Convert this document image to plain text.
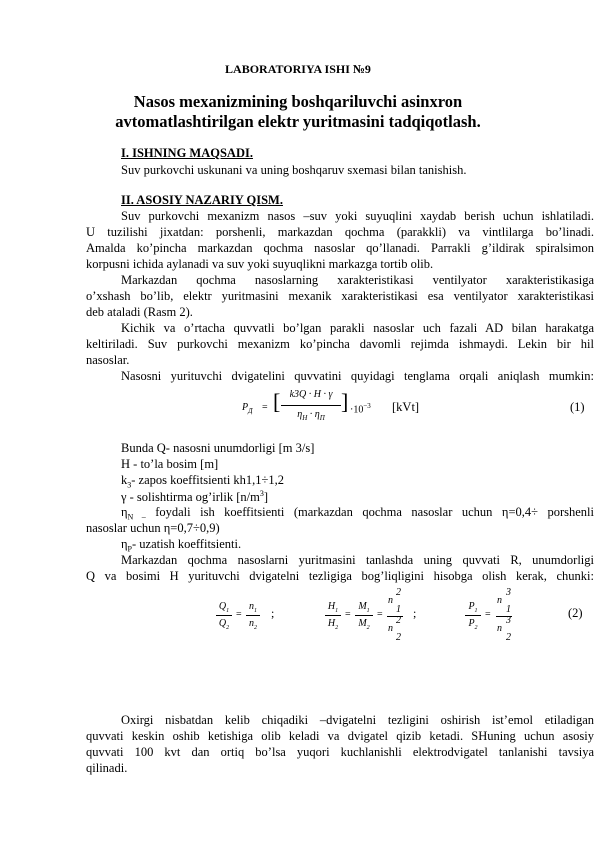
LABORATORIYA ISHI №9
Nasos mexanizmining boshqariluvchi asinxron
avtomatlashtirilgan elektr yuritmasini tadqiqotlash.
I. ISHNING MAQSADI.
Suv purkovchi uskunani va uning boshqaruv sxemasi bilan tanishish.
II. ASOSIY NAZARIY QISM.
Suv purkovchi mexanizm nasos –suv yoki suyuqlini xaydab berish uchun ishlatiladi.
U tuzilishi jixatdan: porshenli, markazdan qochma (parakkli) va vintlilarga bo’linadi.
Amalda ko’pincha markazdan qochma nasoslar qo’llanadi. Parrakli g’ildirak spiralsimon
korpusni ichida aylanadi va suv yoki suyuqlikni markazga tortib olib.
Markazdan qochma nasoslarning xarakteristikasi ventilyator xarakteristikasiga
o’xshash bo’lib, elektr yuritmasini mexanik xarakteristikasi esa ventilyator xarakteristikasi
deb ataladi (Rasm 2).
Kichik va o’rtacha quvvatli bo’lgan parakli nasoslar uch fazali AD bilan harakatga
keltiriladi. Suv purkovchi mexanizm ko’pincha davomli rejimda ishmaydi. Lekin bir hil
nasoslar.
Nasosni yurituvchi dvigatelini quvvatini quyidagi tenglama orqali aniqlash mumkin:
$P_Д$ = [ k3Q · H · γ
$\eta_Н \cdot \eta_П$
] $\cdot 10^{-3}$ [kVt]	(1)
Bunda Q- nasosni unumdorligi [m 3/s]
H - to’la bosim [m]
$k_3-$ zapos koeffitsienti kh1,1÷1,2
γ - solishtirma og’irlik $[n/m^3]$
$\eta_{N -}$ foydali ish koeffitsienti (markazdan qochma nasoslar uchun η=0,4÷ porshenli
nasoslar uchun η=0,7÷0,9)
$\eta_P-$ uzatish koeffitsienti.
Markazdan qochma nasoslarni yuritmasini tanlashda uning quvvati R, unumdorligi
Q va bosimi H yurituvchi dvigatelni tezligiga bog’liqligini hisobga olish kerak, chunki:
$Q_1$
$Q_2$
=
$n_1$
$n_2$
;	$H_1$
$H_2$
=
$M_1$
$M_2$
=
2
n
1
2
n
2
;	$P_1$
$P_2$
=
3
n
1
3
n
2
(2)
Oxirgi nisbatdan kelib chiqadiki –dvigatelni tezligini oshirish ist’emol etiladigan
quvvati keskin oshib ketishiga olib keladi va dvigatel qizib ketadi. SHuning uchun asosiy
quvvati 100 kvt dan ortiq bo’lsa yuqori kuchlanishli elektrodvigatel tanlanishi tavsiya
qilinadi.
